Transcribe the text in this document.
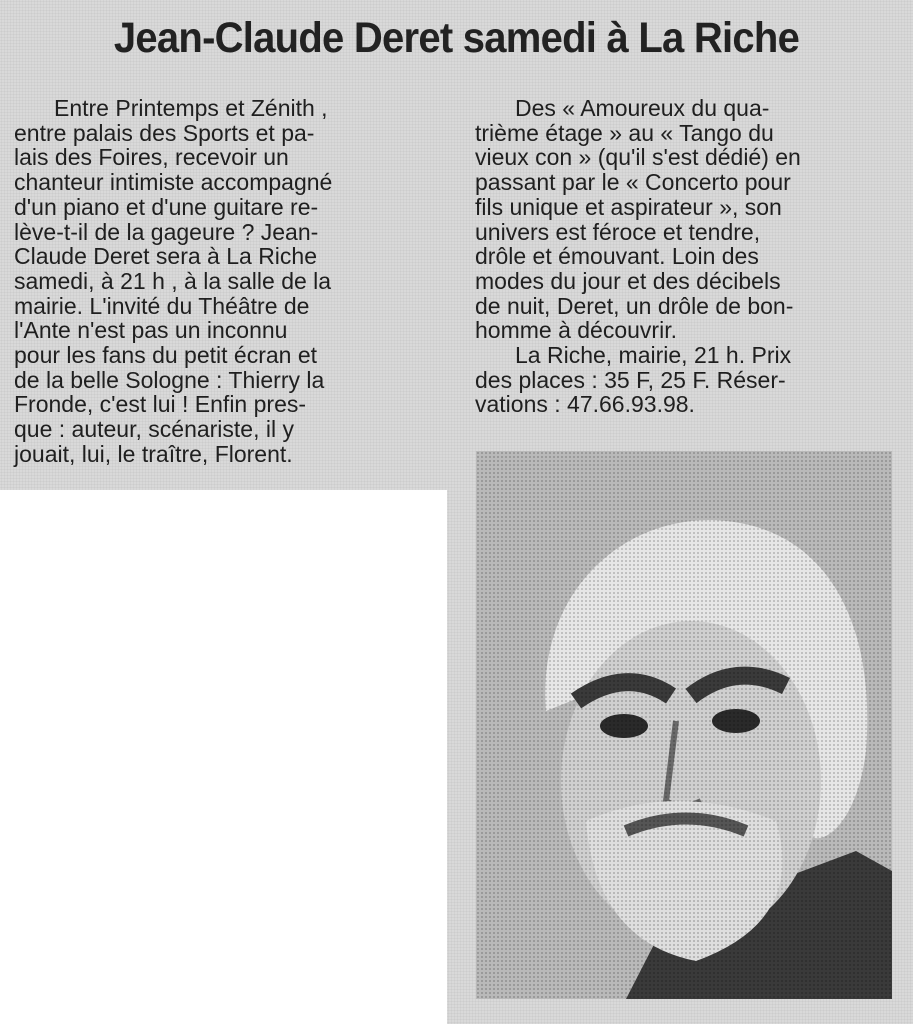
Jean-Claude Deret samedi à La Riche

Entre Printemps et Zénith ,
entre palais des Sports et pa-
lais des Foires, recevoir un
chanteur intimiste accompagné
d'un piano et d'une guitare re-
lève-t-il de la gageure ? Jean-
Claude Deret sera à La Riche
samedi, à 21 h , à la salle de la
mairie. L'invité du Théâtre de
l'Ante n'est pas un inconnu
pour les fans du petit écran et
de la belle Sologne : Thierry la
Fronde, c'est lui ! Enfin pres-
que : auteur, scénariste, il y
jouait, lui, le traître, Florent.

Des « Amoureux du qua-
trième étage » au « Tango du
vieux con » (qu'il s'est dédié) en
passant par le « Concerto pour
fils unique et aspirateur », son
univers est féroce et tendre,
drôle et émouvant. Loin des
modes du jour et des décibels
de nuit, Deret, un drôle de bon-
homme à découvrir.
La Riche, mairie, 21 h. Prix
des places : 35 F, 25 F. Réser-
vations : 47.66.93.98.
